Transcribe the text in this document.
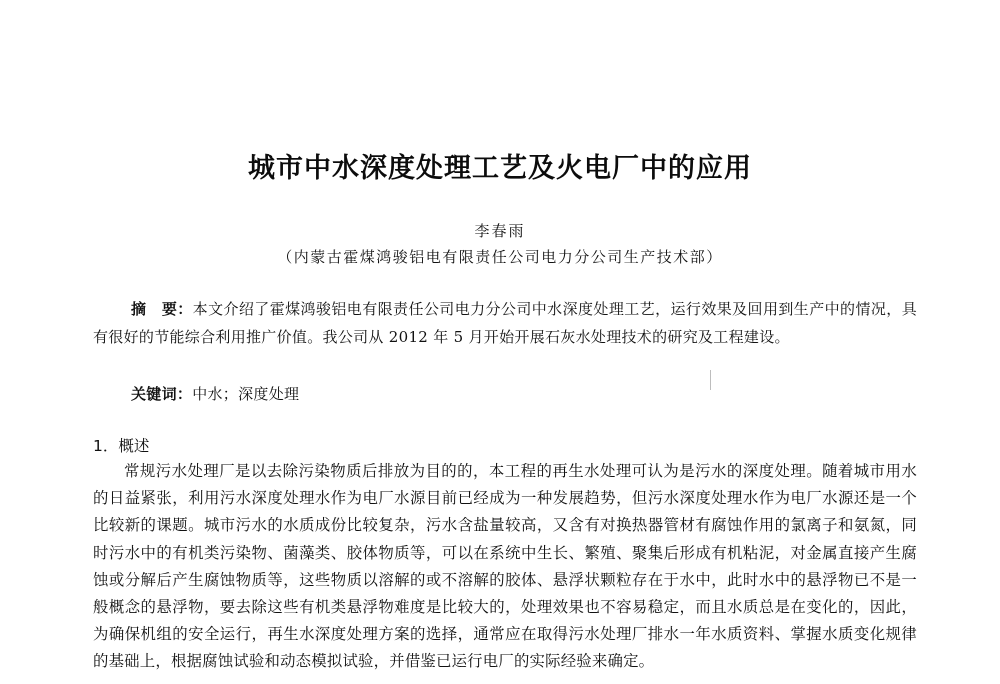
城市中水深度处理工艺及火电厂中的应用
李春雨
（内蒙古霍煤鸿骏铝电有限责任公司电力分公司生产技术部）
摘　要：本文介绍了霍煤鸿骏铝电有限责任公司电力分公司中水深度处理工艺，运行效果及回用到生产中的情况，具有很好的节能综合利用推广价值。我公司从 2012 年 5 月开始开展石灰水处理技术的研究及工程建设。
关键词：中水；深度处理
1．概述
常规污水处理厂是以去除污染物质后排放为目的的，本工程的再生水处理可认为是污水的深度处理。随着城市用水的日益紧张，利用污水深度处理水作为电厂水源目前已经成为一种发展趋势，但污水深度处理水作为电厂水源还是一个比较新的课题。城市污水的水质成份比较复杂，污水含盐量较高，又含有对换热器管材有腐蚀作用的氯离子和氨氮，同时污水中的有机类污染物、菌藻类、胶体物质等，可以在系统中生长、繁殖、聚集后形成有机粘泥，对金属直接产生腐蚀或分解后产生腐蚀物质等，这些物质以溶解的或不溶解的胶体、悬浮状颗粒存在于水中，此时水中的悬浮物已不是一般概念的悬浮物，要去除这些有机类悬浮物难度是比较大的，处理效果也不容易稳定，而且水质总是在变化的，因此，为确保机组的安全运行，再生水深度处理方案的选择，通常应在取得污水处理厂排水一年水质资料、掌握水质变化规律的基础上，根据腐蚀试验和动态模拟试验，并借鉴已运行电厂的实际经验来确定。
